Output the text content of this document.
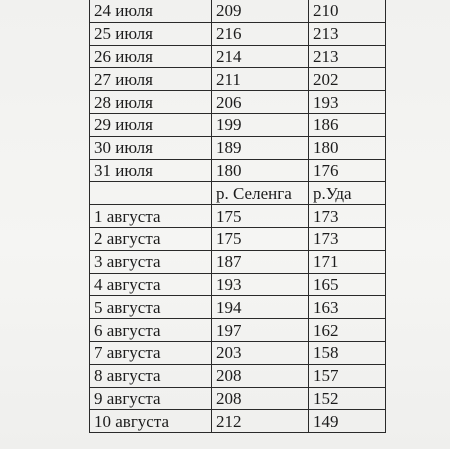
24 июля	209	210
25 июля	216	213
26 июля	214	213
27 июля	211	202
28 июля	206	193
29 июля	199	186
30 июля	189	180
31 июля	180	176
	р. Селенга	р.Уда
1 августа	175	173
2 августа	175	173
3 августа	187	171
4 августа	193	165
5 августа	194	163
6 августа	197	162
7 августа	203	158
8 августа	208	157
9 августа	208	152
10 августа	212	149
